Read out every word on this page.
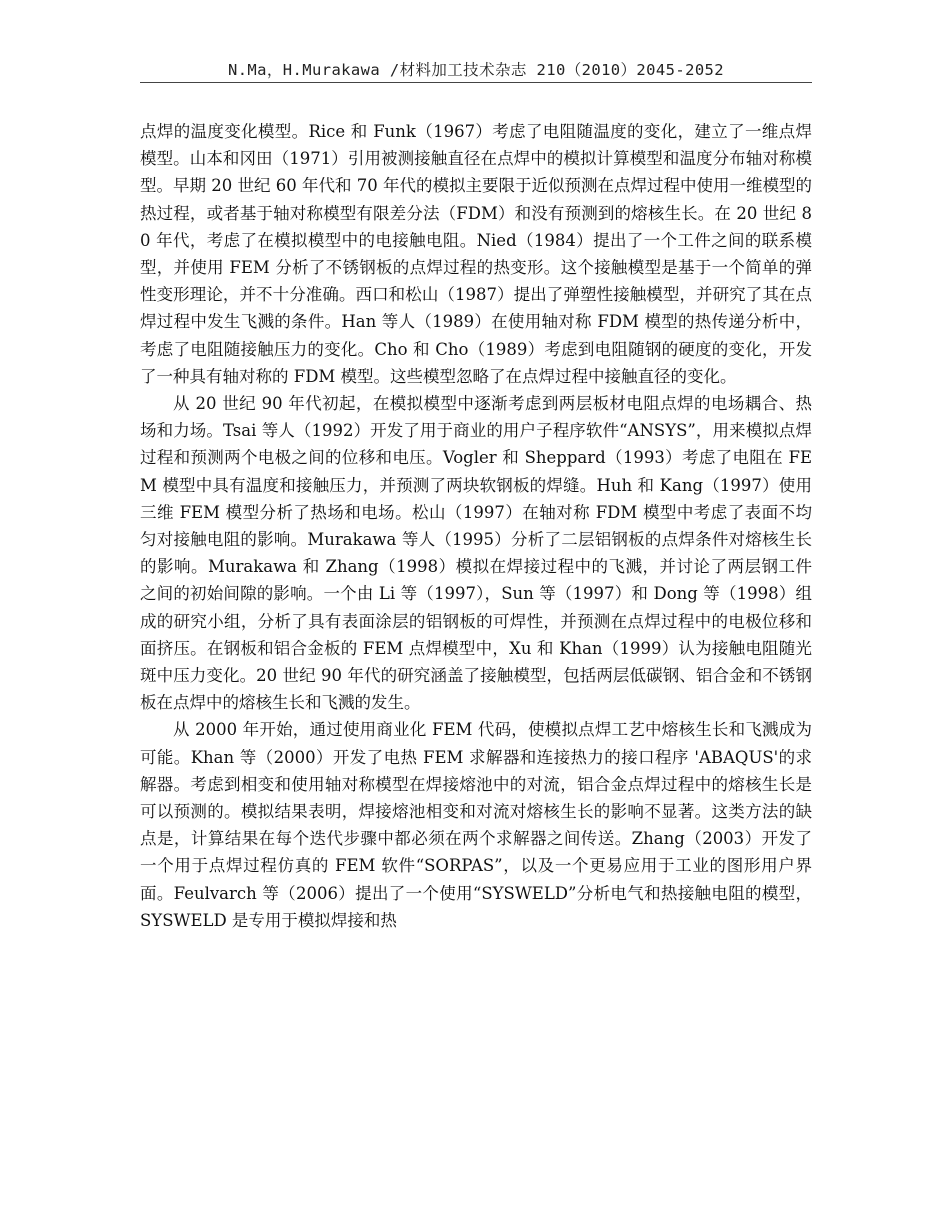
N.Ma，H.Murakawa /材料加工技术杂志 210（2010）2045-2052

点焊的温度变化模型。Rice 和 Funk（1967）考虑了电阻随温度的变化，建立了一维点焊模型。山本和冈田（1971）引用被测接触直径在点焊中的模拟计算模型和温度分布轴对称模型。早期 20 世纪 60 年代和 70 年代的模拟主要限于近似预测在点焊过程中使用一维模型的热过程，或者基于轴对称模型有限差分法（FDM）和没有预测到的熔核生长。在 20 世纪 80 年代，考虑了在模拟模型中的电接触电阻。Nied（1984）提出了一个工件之间的联系模型，并使用 FEM 分析了不锈钢板的点焊过程的热变形。这个接触模型是基于一个简单的弹性变形理论，并不十分准确。西口和松山（1987）提出了弹塑性接触模型，并研究了其在点焊过程中发生飞溅的条件。Han 等人（1989）在使用轴对称 FDM 模型的热传递分析中，考虑了电阻随接触压力的变化。Cho 和 Cho（1989）考虑到电阻随钢的硬度的变化，开发了一种具有轴对称的 FDM 模型。这些模型忽略了在点焊过程中接触直径的变化。

从 20 世纪 90 年代初起，在模拟模型中逐渐考虑到两层板材电阻点焊的电场耦合、热场和力场。Tsai 等人（1992）开发了用于商业的用户子程序软件“ANSYS”，用来模拟点焊过程和预测两个电极之间的位移和电压。Vogler 和 Sheppard（1993）考虑了电阻在 FEM 模型中具有温度和接触压力，并预测了两块软钢板的焊缝。Huh 和 Kang（1997）使用三维 FEM 模型分析了热场和电场。松山（1997）在轴对称 FDM 模型中考虑了表面不均匀对接触电阻的影响。Murakawa 等人（1995）分析了二层铝钢板的点焊条件对熔核生长的影响。Murakawa 和 Zhang（1998）模拟在焊接过程中的飞溅，并讨论了两层钢工件之间的初始间隙的影响。一个由 Li 等（1997），Sun 等（1997）和 Dong 等（1998）组成的研究小组，分析了具有表面涂层的铝钢板的可焊性，并预测在点焊过程中的电极位移和面挤压。在钢板和铝合金板的 FEM 点焊模型中，Xu 和 Khan（1999）认为接触电阻随光斑中压力变化。20 世纪 90 年代的研究涵盖了接触模型，包括两层低碳钢、铝合金和不锈钢板在点焊中的熔核生长和飞溅的发生。

从 2000 年开始，通过使用商业化 FEM 代码，使模拟点焊工艺中熔核生长和飞溅成为可能。Khan 等（2000）开发了电热 FEM 求解器和连接热力的接口程序 'ABAQUS'的求解器。考虑到相变和使用轴对称模型在焊接熔池中的对流，铝合金点焊过程中的熔核生长是可以预测的。模拟结果表明，焊接熔池相变和对流对熔核生长的影响不显著。这类方法的缺点是，计算结果在每个迭代步骤中都必须在两个求解器之间传送。Zhang（2003）开发了一个用于点焊过程仿真的 FEM 软件“SORPAS”，以及一个更易应用于工业的图形用户界面。Feulvarch 等（2006）提出了一个使用“SYSWELD”分析电气和热接触电阻的模型，SYSWELD 是专用于模拟焊接和热
